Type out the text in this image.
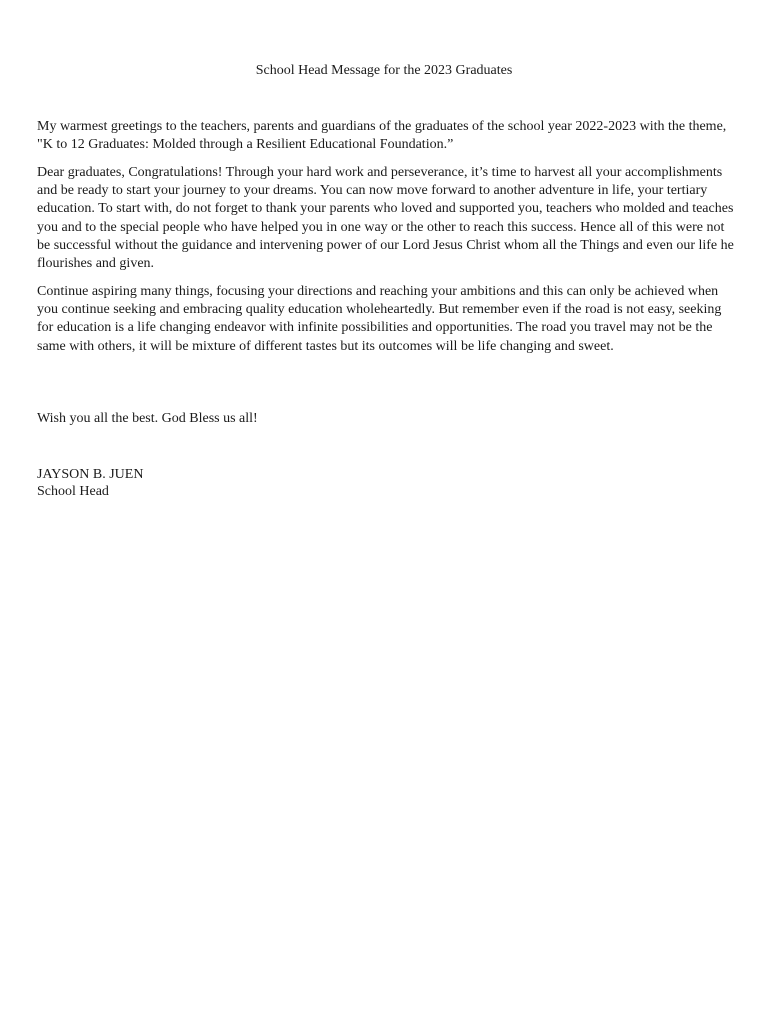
School Head Message for the 2023 Graduates

My warmest greetings to the teachers, parents and guardians of the graduates of the school year 2022-2023 with the theme, "K to 12 Graduates: Molded through a Resilient Educational Foundation.”

Dear graduates, Congratulations! Through your hard work and perseverance, it’s time to harvest all your accomplishments and be ready to start your journey to your dreams. You can now move forward to another adventure in life, your tertiary education. To start with, do not forget to thank your parents who loved and supported you, teachers who molded and teaches you and to the special people who have helped you in one way or the other to reach this success. Hence all of this were not be successful without the guidance and intervening power of our Lord Jesus Christ whom all the Things and even our life he flourishes and given.

Continue aspiring many things, focusing your directions and reaching your ambitions and this can only be achieved when you continue seeking and embracing quality education wholeheartedly. But remember even if the road is not easy, seeking for education is a life changing endeavor with infinite possibilities and opportunities. The road you travel may not be the same with others, it will be mixture of different tastes but its outcomes will be life changing and sweet.

Wish you all the best. God Bless us all!

JAYSON B. JUEN

School Head
